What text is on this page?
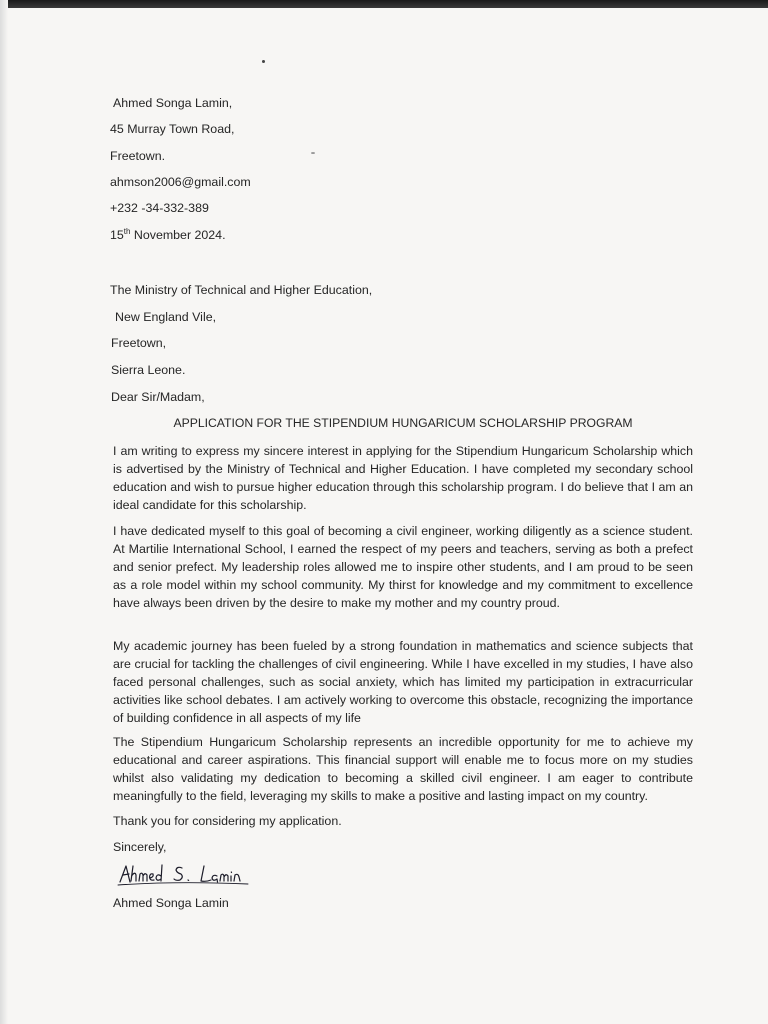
Ahmed Songa Lamin,

45 Murray Town Road,

Freetown.

ahmson2006@gmail.com

+232 -34-332-389

15th November 2024.

The Ministry of Technical and Higher Education,

New England Vile,

Freetown,

Sierra Leone.

Dear Sir/Madam,

APPLICATION FOR THE STIPENDIUM HUNGARICUM SCHOLARSHIP PROGRAM

I am writing to express my sincere interest in applying for the Stipendium Hungaricum Scholarship which is advertised by the Ministry of Technical and Higher Education. I have completed my secondary school education and wish to pursue higher education through this scholarship program. I do believe that I am an ideal candidate for this scholarship.

I have dedicated myself to this goal of becoming a civil engineer, working diligently as a science student. At Martilie International School, I earned the respect of my peers and teachers, serving as both a prefect and senior prefect. My leadership roles allowed me to inspire other students, and I am proud to be seen as a role model within my school community. My thirst for knowledge and my commitment to excellence have always been driven by the desire to make my mother and my country proud.

My academic journey has been fueled by a strong foundation in mathematics and science subjects that are crucial for tackling the challenges of civil engineering. While I have excelled in my studies, I have also faced personal challenges, such as social anxiety, which has limited my participation in extracurricular activities like school debates. I am actively working to overcome this obstacle, recognizing the importance of building confidence in all aspects of my life

The Stipendium Hungaricum Scholarship represents an incredible opportunity for me to achieve my educational and career aspirations. This financial support will enable me to focus more on my studies whilst also validating my dedication to becoming a skilled civil engineer. I am eager to contribute meaningfully to the field, leveraging my skills to make a positive and lasting impact on my country.

Thank you for considering my application.

Sincerely,

Ahmed Songa Lamin
